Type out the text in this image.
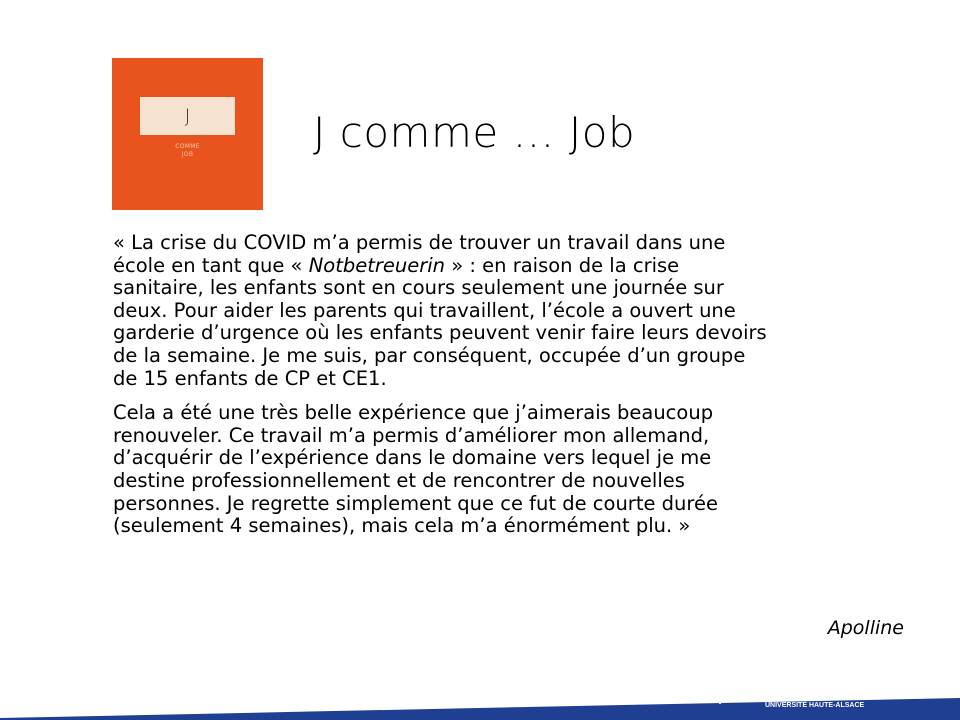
J
COMME
JOB	J comme … Job

« La crise du COVID m’a permis de trouver un travail dans une
école en tant que « Notbetreuerin » : en raison de la crise
sanitaire, les enfants sont en cours seulement une journée sur
deux. Pour aider les parents qui travaillent, l’école a ouvert une
garderie d’urgence où les enfants peuvent venir faire leurs devoirs
de la semaine. Je me suis, par conséquent, occupée d’un groupe
de 15 enfants de CP et CE1.

Cela a été une très belle expérience que j’aimerais beaucoup
renouveler. Ce travail m’a permis d’améliorer mon allemand,
d’acquérir de l’expérience dans le domaine vers lequel je me
destine professionnellement et de rencontrer de nouvelles
personnes. Je regrette simplement que ce fut de courte durée
(seulement 4 semaines), mais cela m’a énormément plu. »

Apolline
NovaTris
Centre de compétences transfrontalières
UNIVERSITÉ HAUTE-ALSACE
